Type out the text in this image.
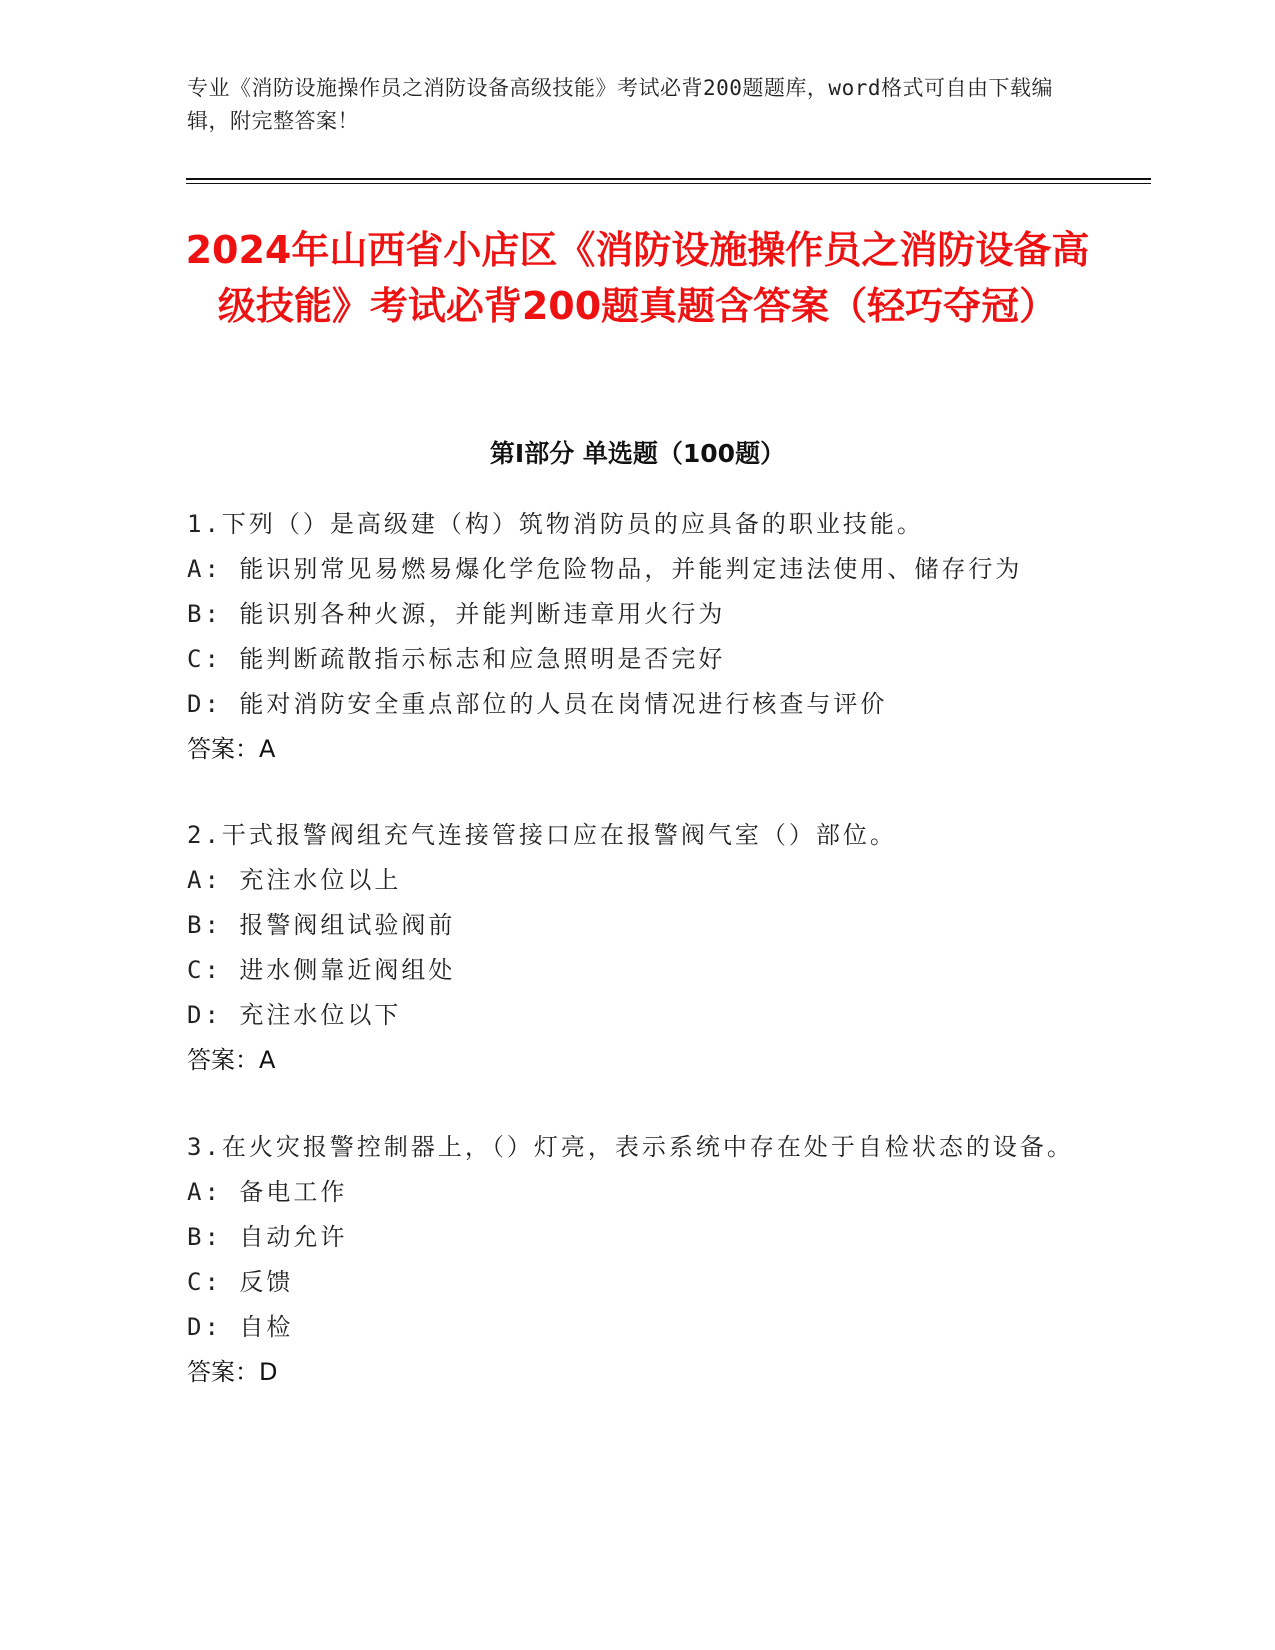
专业《消防设施操作员之消防设备高级技能》考试必背200题题库，word格式可自由下载编辑，附完整答案！
2024年山西省小店区《消防设施操作员之消防设备高级技能》考试必背200题真题含答案（轻巧夺冠）
第I部分 单选题（100题）
1.下列（）是高级建（构）筑物消防员的应具备的职业技能。
A: 能识别常见易燃易爆化学危险物品，并能判定违法使用、储存行为
B: 能识别各种火源，并能判断违章用火行为
C: 能判断疏散指示标志和应急照明是否完好
D: 能对消防安全重点部位的人员在岗情况进行核查与评价
答案：A
2.干式报警阀组充气连接管接口应在报警阀气室（）部位。
A: 充注水位以上
B: 报警阀组试验阀前
C: 进水侧靠近阀组处
D: 充注水位以下
答案：A
3.在火灾报警控制器上，（）灯亮，表示系统中存在处于自检状态的设备。
A: 备电工作
B: 自动允许
C: 反馈
D: 自检
答案：D
